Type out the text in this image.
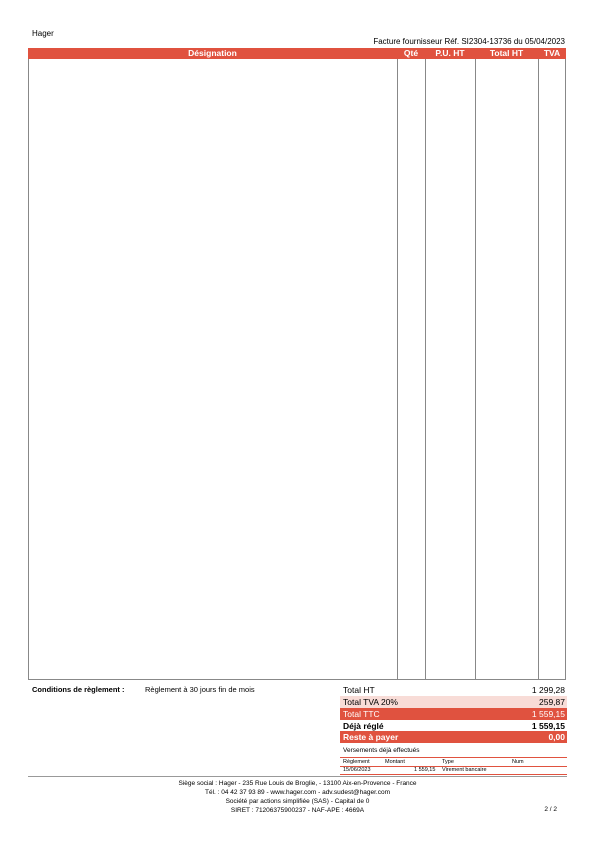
Hager
Facture fournisseur Réf. SI2304-13736 du 05/04/2023
Désignation	Qté	P.U. HT	Total HT	TVA
Conditions de règlement :	Règlement à 30 jours fin de mois	Total HT	1 299,28
Total TVA 20%	259,87
Total TTC	1 559,15
Déjà réglé	1 559,15
Reste à payer	0,00
Versements déjà effectués
Règlement	Montant	Type	Num
15/06/2023	1 559,15 Virement bancaire
Siège social : Hager - 235 Rue Louis de Broglie, - 13100 Aix-en-Provence - France
Tél. : 04 42 37 93 89 - www.hager.com - adv.sudest@hager.com
Société par actions simplifiée (SAS) - Capital de 0
SIRET : 71206375900237 - NAF-APE : 4669A	2 / 2
